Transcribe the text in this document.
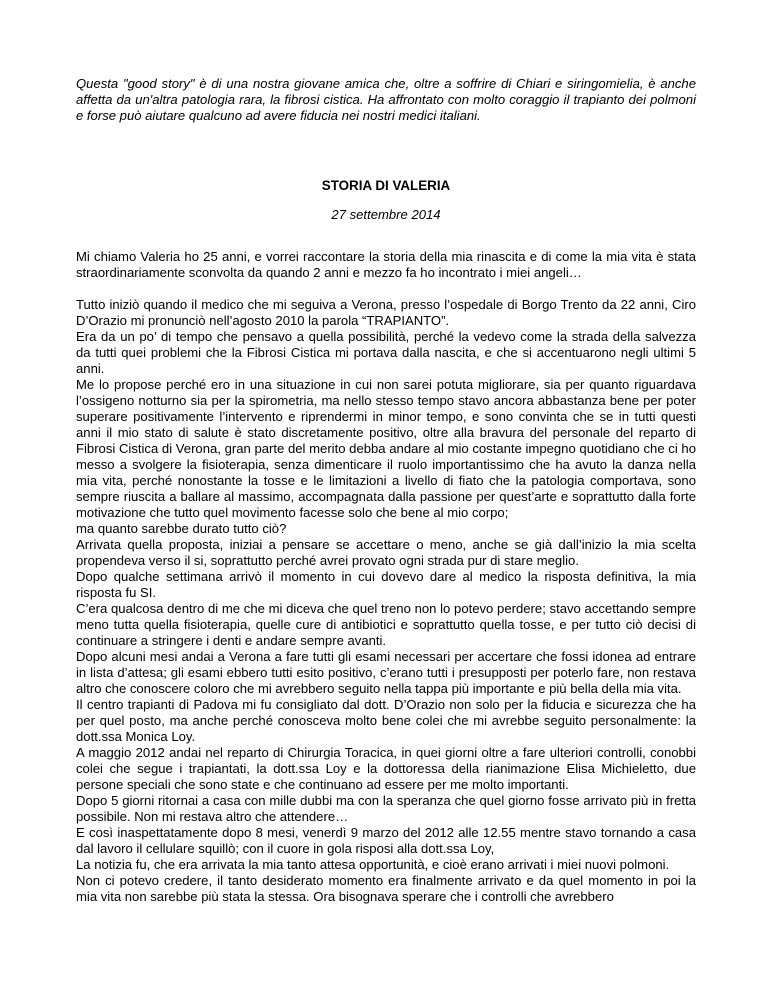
Questa "good story" è di una nostra giovane amica che, oltre a soffrire di Chiari e siringomielia, è anche affetta da un'altra patologia rara, la fibrosi cistica. Ha affrontato con molto coraggio il trapianto dei polmoni e forse può aiutare qualcuno ad avere fiducia nei nostri medici italiani.

STORIA DI VALERIA

27 settembre 2014

Mi chiamo Valeria ho 25 anni, e vorrei raccontare la storia della mia rinascita e di come la mia vita è stata straordinariamente sconvolta da quando 2 anni e mezzo fa ho incontrato i miei angeli…

Tutto iniziò quando il medico che mi seguiva a Verona, presso l’ospedale di Borgo Trento da 22 anni, Ciro D’Orazio mi pronunciò nell’agosto 2010 la parola “TRAPIANTO”.

Era da un po’ di tempo che pensavo a quella possibilità, perché la vedevo come la strada della salvezza da tutti quei problemi che la Fibrosi Cistica mi portava dalla nascita, e che si accentuarono negli ultimi 5 anni.

Me lo propose perché ero in una situazione in cui non sarei potuta migliorare, sia per quanto riguardava l’ossigeno notturno sia per la spirometria, ma nello stesso tempo stavo ancora abbastanza bene per poter superare positivamente l’intervento e riprendermi in minor tempo, e sono convinta che se in tutti questi anni il mio stato di salute è stato discretamente positivo, oltre alla bravura del personale del reparto di Fibrosi Cistica di Verona, gran parte del merito debba andare al mio costante impegno quotidiano che ci ho messo a svolgere la fisioterapia, senza dimenticare il ruolo importantissimo che ha avuto la danza nella mia vita, perché nonostante la tosse e le limitazioni a livello di fiato che la patologia comportava, sono sempre riuscita a ballare al massimo, accompagnata dalla passione per quest’arte e soprattutto dalla forte motivazione che tutto quel movimento facesse solo che bene al mio corpo;

ma quanto sarebbe durato tutto ciò?

Arrivata quella proposta, iniziai a pensare se accettare o meno, anche se già dall’inizio la mia scelta propendeva verso il si, soprattutto perché avrei provato ogni strada pur di stare meglio.

Dopo qualche settimana arrivò il momento in cui dovevo dare al medico la risposta definitiva, la mia risposta fu SI.

C’era qualcosa dentro di me che mi diceva che quel treno non lo potevo perdere; stavo accettando sempre meno tutta quella fisioterapia, quelle cure di antibiotici e soprattutto quella tosse, e per tutto ciò decisi di continuare a stringere i denti e andare sempre avanti.

Dopo alcuni mesi andai a Verona a fare tutti gli esami necessari per accertare che fossi idonea ad entrare in lista d’attesa; gli esami ebbero tutti esito positivo, c’erano tutti i presupposti per poterlo fare, non restava altro che conoscere coloro che mi avrebbero seguito nella tappa più importante e più bella della mia vita.

Il centro trapianti di Padova mi fu consigliato dal dott. D’Orazio non solo per la fiducia e sicurezza che ha per quel posto, ma anche perché conosceva molto bene colei che mi avrebbe seguito personalmente: la dott.ssa Monica Loy.

A maggio 2012 andai nel reparto di Chirurgia Toracica, in quei giorni oltre a fare ulteriori controlli, conobbi colei che segue i trapiantati, la dott.ssa Loy e la dottoressa della rianimazione Elisa Michieletto, due persone speciali che sono state e che continuano ad essere per me molto importanti.

Dopo 5 giorni ritornai a casa con mille dubbi ma con la speranza che quel giorno fosse arrivato più in fretta possibile. Non mi restava altro che attendere…

E così inaspettatamente dopo 8 mesi, venerdì 9 marzo del 2012 alle 12.55 mentre stavo tornando a casa dal lavoro il cellulare squillò; con il cuore in gola risposi alla dott.ssa Loy,

La notizia fu, che era arrivata la mia tanto attesa opportunità, e cioè erano arrivati i miei nuovi polmoni.

Non ci potevo credere, il tanto desiderato momento era finalmente arrivato e da quel momento in poi la mia vita non sarebbe più stata la stessa. Ora bisognava sperare che i controlli che avrebbero
